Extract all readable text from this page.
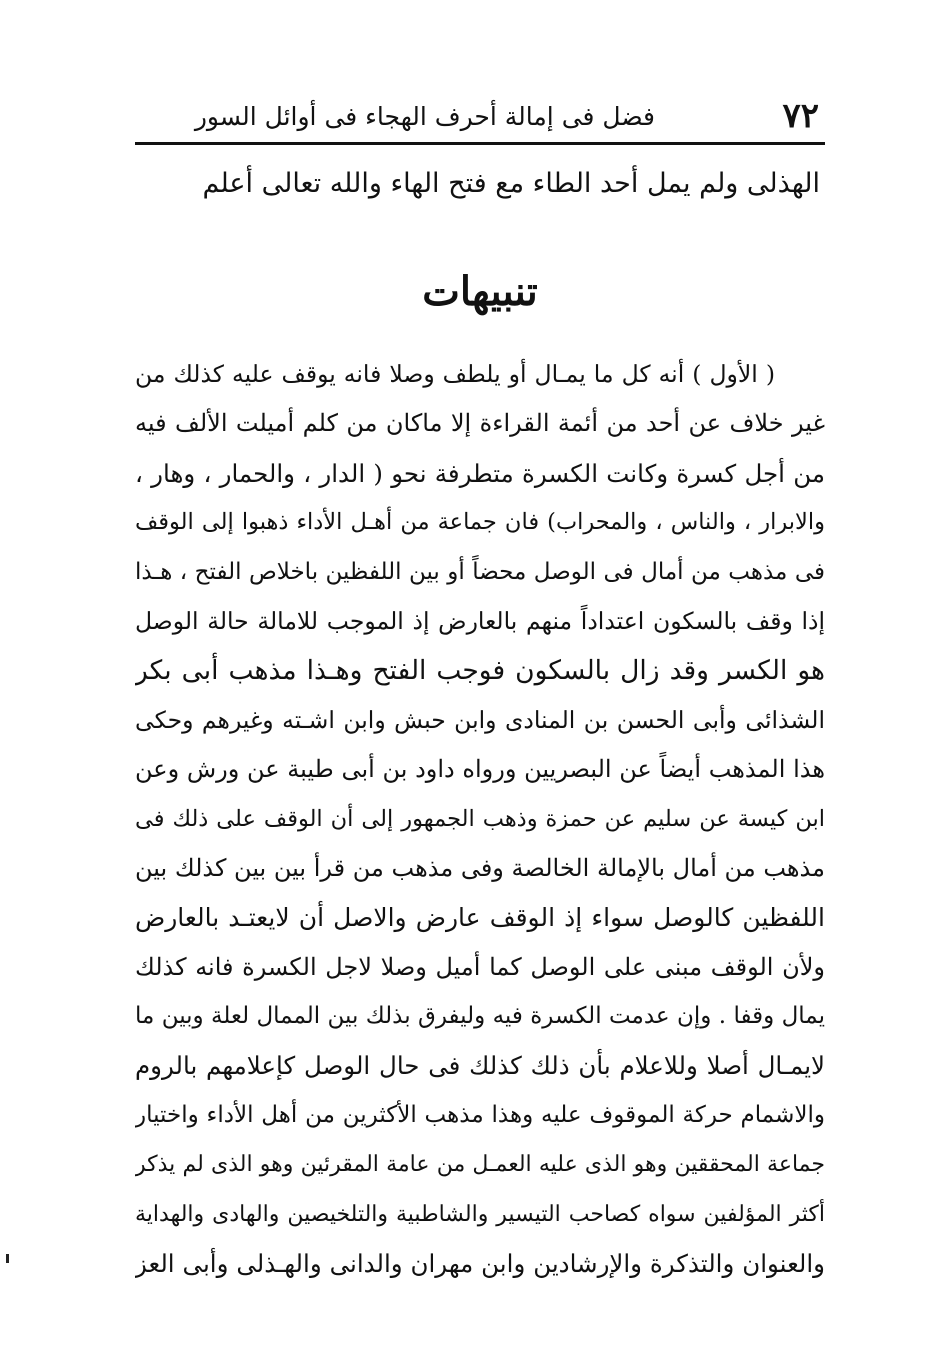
٧٢
فضل فى إمالة أحرف الهجاء فى أوائل السور
الهذلى ولم يمل أحد الطاء مع فتح الهاء والله تعالى أعلم
تنبيهات
( الأول ) أنه كل ما يمـال أو يلطف وصلا فانه يوقف عليه كذلك من
غير خلاف عن أحد من أئمة القراءة إلا ماكان من كلم أميلت الألف فيه
من أجل كسرة وكانت الكسرة متطرفة نحو ( الدار ، والحمار ، وهار ،
والابرار ، والناس ، والمحراب) فان جماعة من أهـل الأداء ذهبوا إلى الوقف
فى مذهب من أمال فى الوصل محضاً أو بين اللفظين باخلاص الفتح ، هـذا
إذا وقف بالسكون اعتداداً منهم بالعارض إذ الموجب للامالة حالة الوصل
هو الكسر وقد زال بالسكون فوجب الفتح وهـذا مذهب أبى بكر
الشذائى وأبى الحسن بن المنادى وابن حبش وابن اشـته وغيرهم وحكى
هذا المذهب أيضاً عن البصريين ورواه داود بن أبى طيبة عن ورش وعن
ابن كيسة عن سليم عن حمزة وذهب الجمهور إلى أن الوقف على ذلك فى
مذهب من أمال بالإمالة الخالصة وفى مذهب من قرأ بين بين كذلك بين
اللفظين كالوصل سواء إذ الوقف عارض والاصل أن لايعتـد بالعارض
ولأن الوقف مبنى على الوصل كما أميل وصلا لاجل الكسرة فانه كذلك
يمال وقفا . وإن عدمت الكسرة فيه وليفرق بذلك بين الممال لعلة وبين ما
لايمـال أصلا وللاعلام بأن ذلك كذلك فى حال الوصل كإعلامهم بالروم
والاشمام حركة الموقوف عليه وهذا مذهب الأكثرين من أهل الأداء واختيار
جماعة المحققين وهو الذى عليه العمـل من عامة المقرئين وهو الذى لم يذكر
أكثر المؤلفين سواه كصاحب التيسير والشاطبية والتلخيصين والهادى والهداية
والعنوان والتذكرة والإرشادين وابن مهران والدانى والهـذلى وأبى العز
